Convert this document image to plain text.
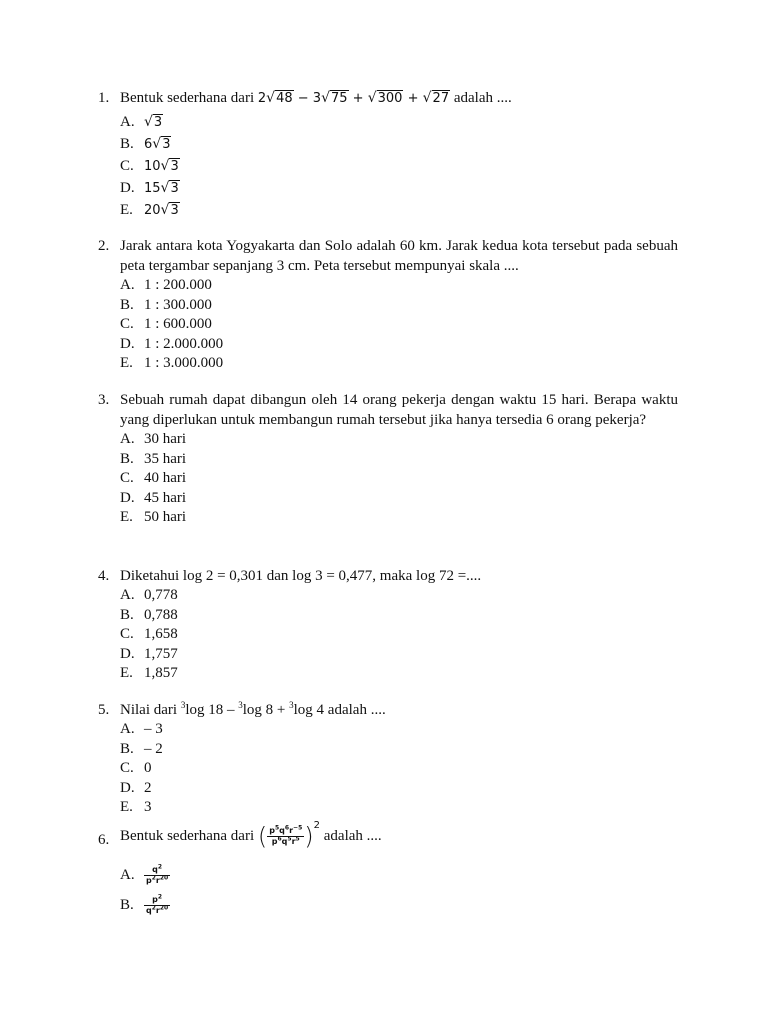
1. Bentuk sederhana dari 2√48 − 3√75 + √300 + √27 adalah ....
A. √3
B. 6√3
C. 10√3
D. 15√3
E. 20√3
2. Jarak antara kota Yogyakarta dan Solo adalah 60 km. Jarak kedua kota tersebut pada sebuah peta tergambar sepanjang 3 cm. Peta tersebut mempunyai skala ....
A. 1 : 200.000
B. 1 : 300.000
C. 1 : 600.000
D. 1 : 2.000.000
E. 1 : 3.000.000
3. Sebuah rumah dapat dibangun oleh 14 orang pekerja dengan waktu 15 hari. Berapa waktu yang diperlukan untuk membangun rumah tersebut jika hanya tersedia 6 orang pekerja?
A. 30 hari
B. 35 hari
C. 40 hari
D. 45 hari
E. 50 hari
4. Diketahui log 2 = 0,301 dan log 3 = 0,477, maka log 72 =....
A. 0,778
B. 0,788
C. 1,658
D. 1,757
E. 1,857
5. Nilai dari $^3$log 18 – $^3$log 8 + $^3$log 4 adalah ....
A. – 3
B. – 2
C. 0
D. 2
E. 3
6. Bentuk sederhana dari ( $\frac{p^5q^6r^{-5}}{p^6q^5r^5} )^2$ adalah ....
A. $\frac{q^2}{p^2r^{20}}$
B. $\frac{p^2}{q^2r^{20}}$
